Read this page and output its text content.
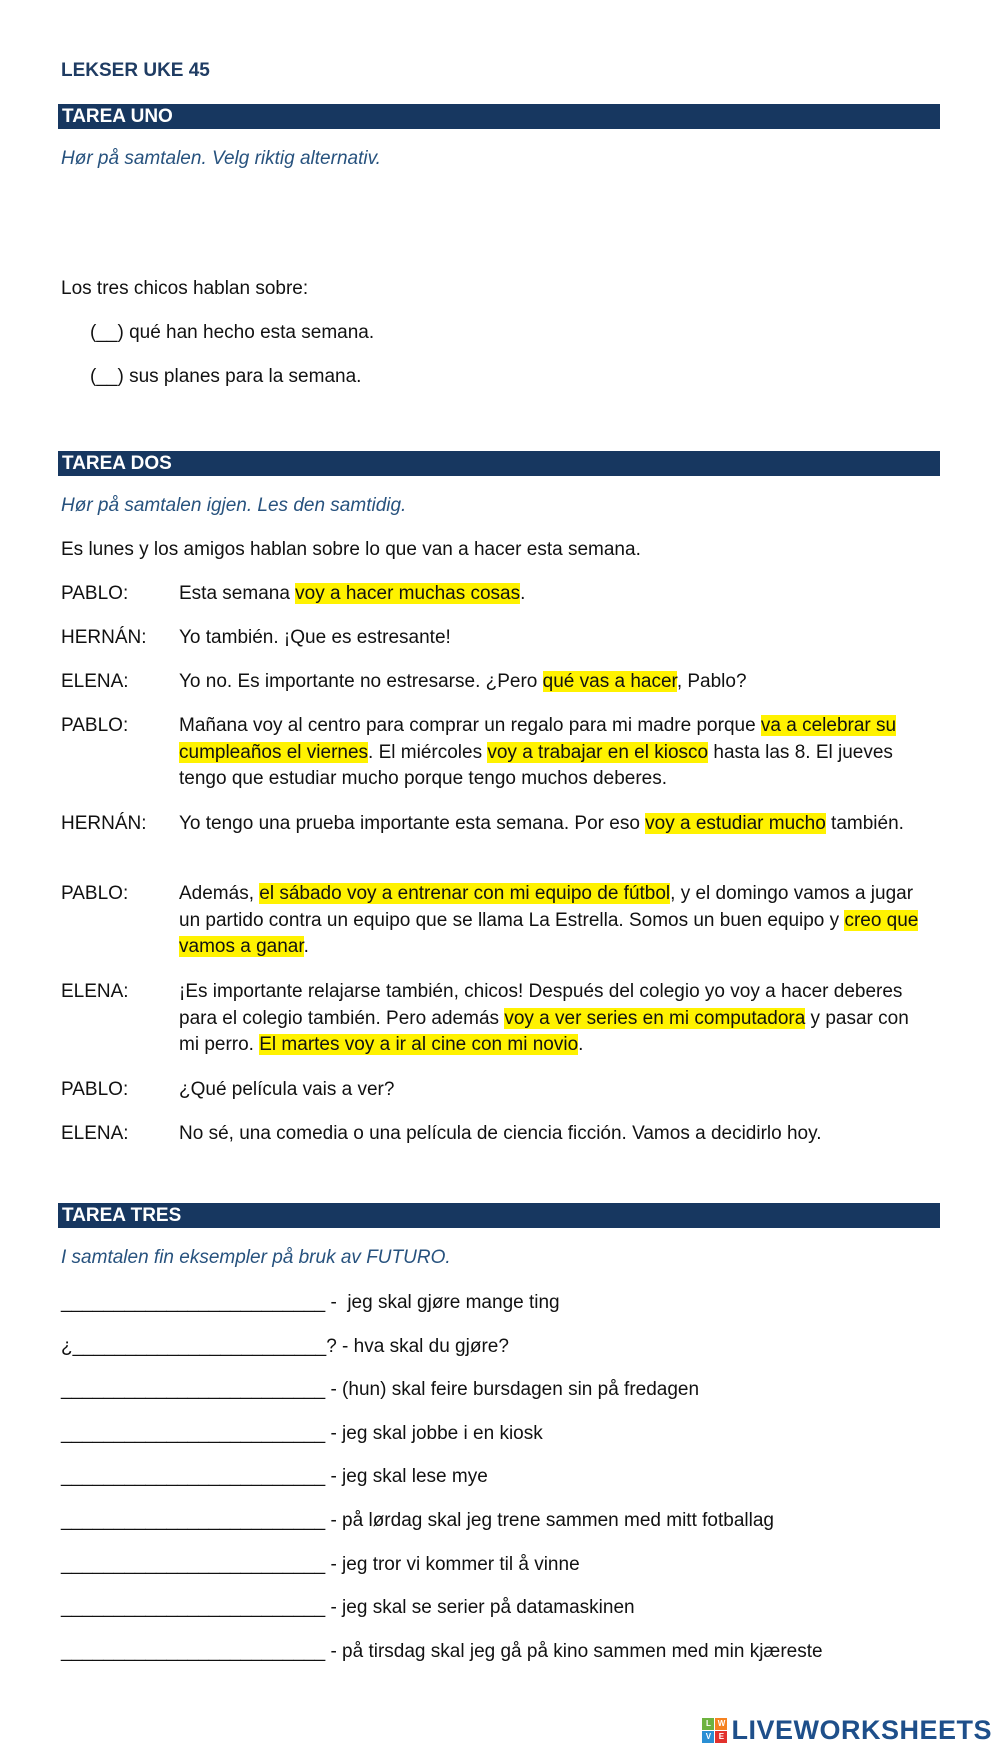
LEKSER UKE 45
TAREA UNO
Hør på samtalen. Velg riktig alternativ.
Los tres chicos hablan sobre:
(__) qué han hecho esta semana.
(__) sus planes para la semana.
TAREA DOS
Hør på samtalen igjen. Les den samtidig.
Es lunes y los amigos hablan sobre lo que van a hacer esta semana.
PABLO:	Esta semana voy a hacer muchas cosas.
HERNÁN: Yo también. ¡Que es estresante!
ELENA:	Yo no. Es importante no estresarse. ¿Pero qué vas a hacer, Pablo?
PABLO:	Mañana voy al centro para comprar un regalo para mi madre porque va a celebrar su cumpleaños el viernes. El miércoles voy a trabajar en el kiosco hasta las 8. El jueves tengo que estudiar mucho porque tengo muchos deberes.
HERNÁN: Yo tengo una prueba importante esta semana. Por eso voy a estudiar mucho también.
PABLO:	Además, el sábado voy a entrenar con mi equipo de fútbol, y el domingo vamos a jugar un partido contra un equipo que se llama La Estrella. Somos un buen equipo y creo que vamos a ganar.
ELENA:	¡Es importante relajarse también, chicos! Después del colegio yo voy a hacer deberes para el colegio también. Pero además voy a ver series en mi computadora y pasar con mi perro. El martes voy a ir al cine con mi novio.
PABLO:	¿Qué película vais a ver?
ELENA:	No sé, una comedia o una película de ciencia ficción. Vamos a decidirlo hoy.
TAREA TRES
I samtalen fin eksempler på bruk av FUTURO.
_________________________ -  jeg skal gjøre mange ting
¿________________________? - hva skal du gjøre?
_________________________ - (hun) skal feire bursdagen sin på fredagen
_________________________ - jeg skal jobbe i en kiosk
_________________________ - jeg skal lese mye
_________________________ - på lørdag skal jeg trene sammen med mitt fotballag
_________________________ - jeg tror vi kommer til å vinne
_________________________ - jeg skal se serier på datamaskinen
_________________________ - på tirsdag skal jeg gå på kino sammen med min kjæreste
L W
V E LIVEWORKSHEETS
